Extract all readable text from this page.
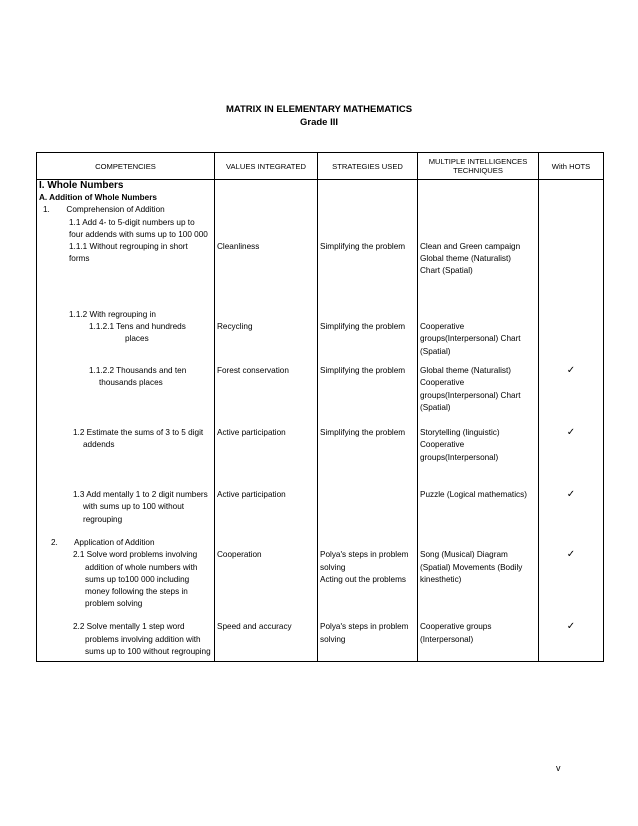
MATRIX IN ELEMENTARY MATHEMATICS
Grade III
COMPETENCIES	VALUES INTEGRATED	STRATEGIES USED	MULTIPLE INTELLIGENCES TECHNIQUES	With HOTS
I. Whole Numbers				
A. Addition of Whole Numbers				

1. Comprehension of Addition
1.1 Add 4- to 5-digit numbers up to
four addends with sums up to 100 000				

1.1.1 Without regrouping in short
forms	Cleanliness	Simplifying the problem	Clean and Green campaign
Global theme (Naturalist)
Chart (Spatial)	

1.1.2 With regrouping in				

1.1.2.1 Tens and hundreds
places	Recycling	Simplifying the problem	Cooperative
groups(Interpersonal) Chart
(Spatial)	

1.1.2.2 Thousands and ten
thousands places	Forest conservation	Simplifying the problem	Global theme (Naturalist)
Cooperative
groups(Interpersonal) Chart
(Spatial)	✓

1.2 Estimate the sums of 3 to 5 digit
addends	Active participation	Simplifying the problem	Storytelling (linguistic)
Cooperative
groups(Interpersonal)	✓

1.3 Add mentally 1 to 2 digit numbers
with sums up to 100 without
regrouping	Active participation		Puzzle (Logical mathematics)	✓
2. Application of Addition				

2.1 Solve word problems involving
addition of whole numbers with
sums up to100 000 including
money following the steps in
problem solving	Cooperation	Polya's steps in problem
solving
Acting out the problems	Song (Musical) Diagram
(Spatial) Movements (Bodily
kinesthetic)	✓

2.2 Solve mentally 1 step word
problems involving addition with
sums up to 100 without regrouping	Speed and accuracy	Polya's steps in problem
solving	Cooperative groups
(Interpersonal)	✓
v
